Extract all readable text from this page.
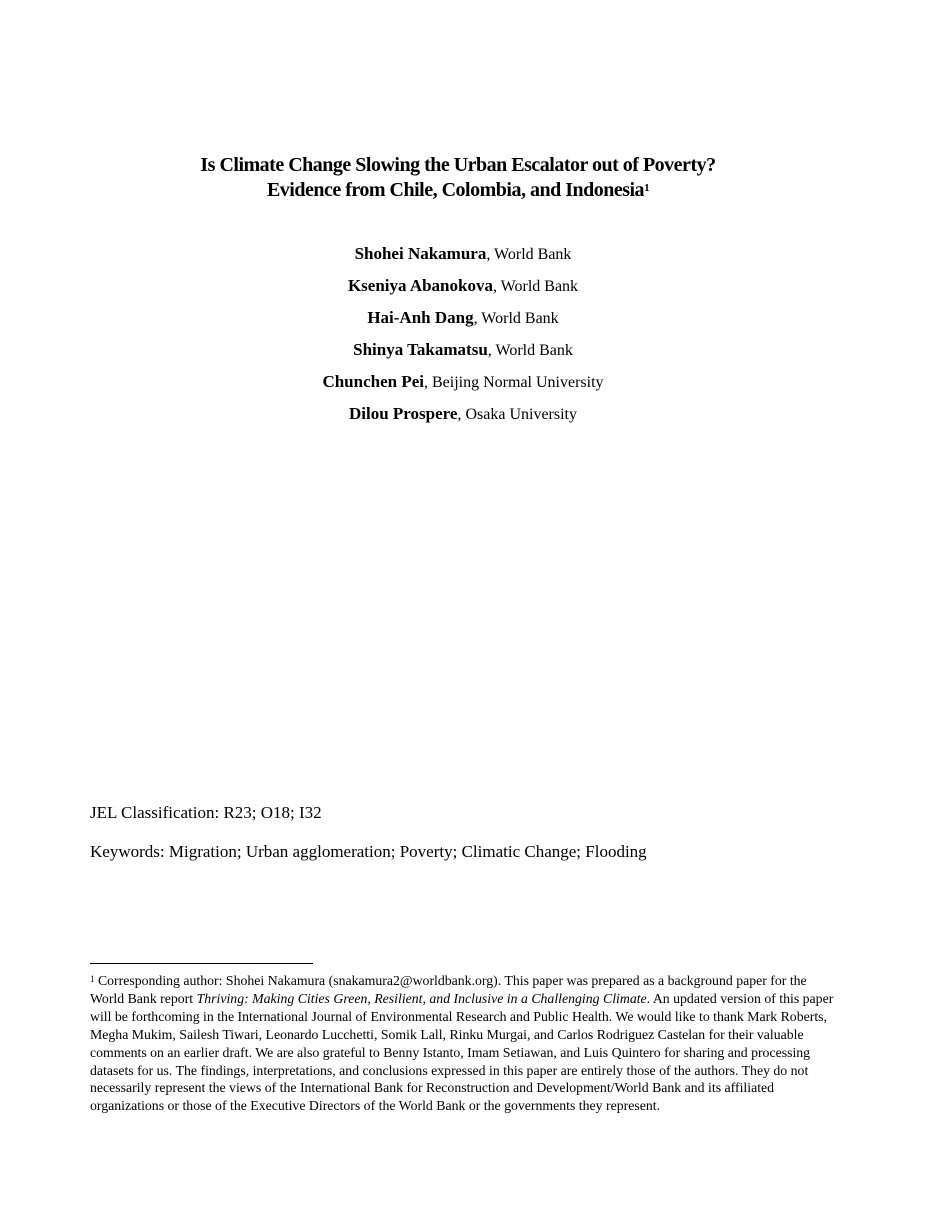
Is Climate Change Slowing the Urban Escalator out of Poverty?
Evidence from Chile, Colombia, and Indonesia$^1$
Shohei Nakamura, World Bank
Kseniya Abanokova, World Bank
Hai-Anh Dang, World Bank
Shinya Takamatsu, World Bank
Chunchen Pei, Beijing Normal University
Dilou Prospere, Osaka University
JEL Classification: R23; O18; I32
Keywords: Migration; Urban agglomeration; Poverty; Climatic Change; Flooding
$^1$ Corresponding author: Shohei Nakamura (snakamura2@worldbank.org). This paper was prepared as a background paper for the World Bank report Thriving: Making Cities Green, Resilient, and Inclusive in a Challenging Climate. An updated version of this paper will be forthcoming in the International Journal of Environmental Research and Public Health. We would like to thank Mark Roberts, Megha Mukim, Sailesh Tiwari, Leonardo Lucchetti, Somik Lall, Rinku Murgai, and Carlos Rodriguez Castelan for their valuable comments on an earlier draft. We are also grateful to Benny Istanto, Imam Setiawan, and Luis Quintero for sharing and processing datasets for us. The findings, interpretations, and conclusions expressed in this paper are entirely those of the authors. They do not necessarily represent the views of the International Bank for Reconstruction and Development/World Bank and its affiliated organizations or those of the Executive Directors of the World Bank or the governments they represent.
